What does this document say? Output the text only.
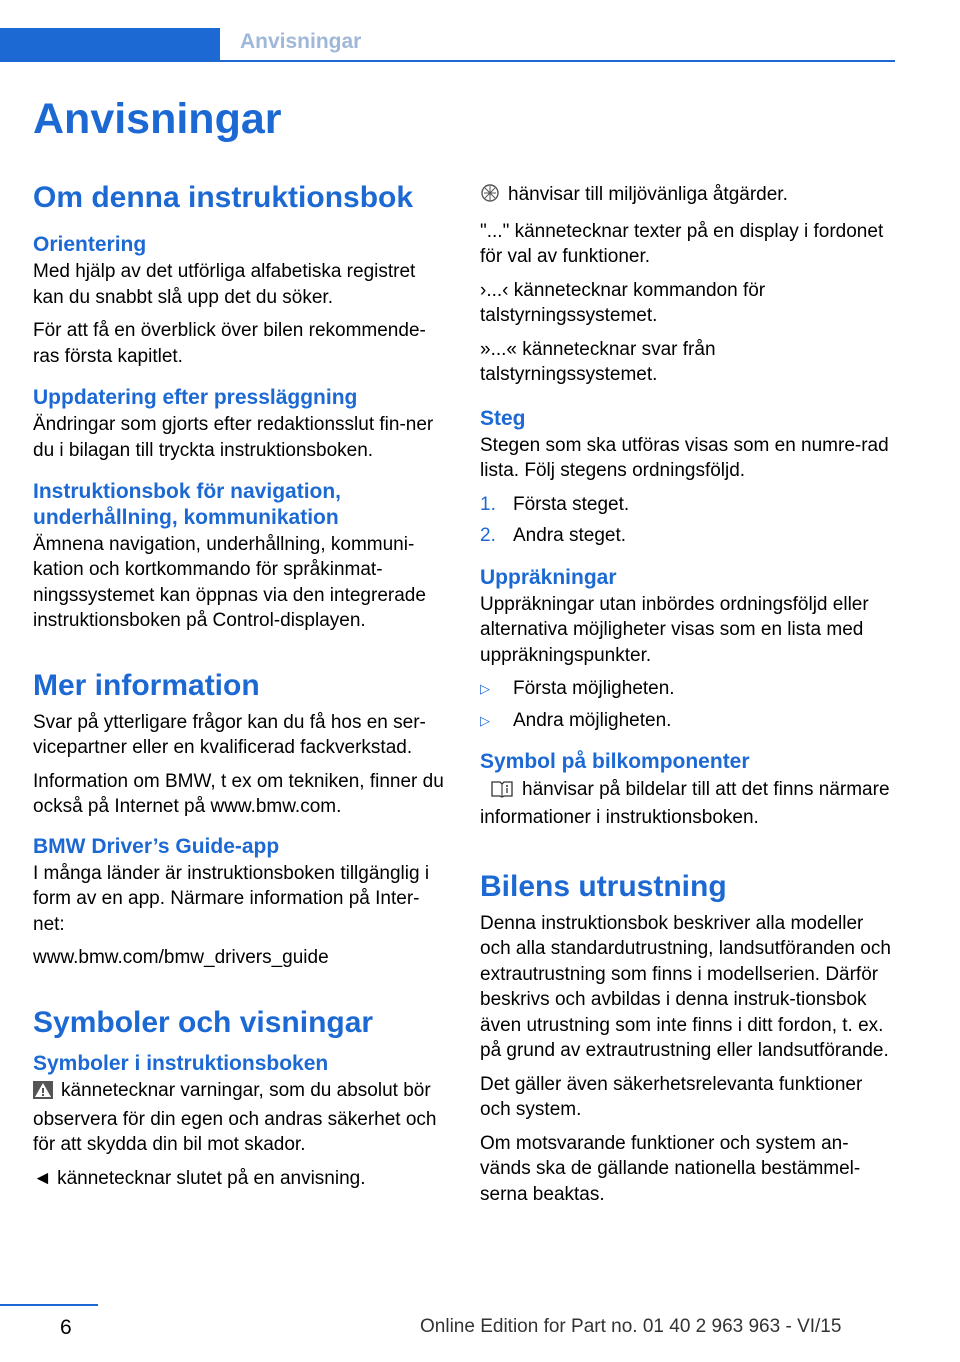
Anvisningar
Anvisningar
Om denna instruktionsbok
Orientering

Med hjälp av det utförliga alfabetiska registret kan du snabbt slå upp det du söker.

För att få en överblick över bilen rekommende‐ras första kapitlet.

Uppdatering efter pressläggning

Ändringar som gjorts efter redaktionsslut fin‐ner du i bilagan till tryckta instruktionsboken.

Instruktionsbok för navigation, underhållning, kommunikation

Ämnena navigation, underhållning, kommuni‐kation och kortkommando för språkinmat‐ningssystemet kan öppnas via den integrerade instruktionsboken på Control-displayen.

Mer information

Svar på ytterligare frågor kan du få hos en ser‐vicepartner eller en kvalificerad fackverkstad.

Information om BMW, t ex om tekniken, finner du också på Internet på www.bmw.com.

BMW Driver’s Guide-app

I många länder är instruktionsboken tillgänglig i form av en app. Närmare information på Inter‐net:

www.bmw.com/bmw_drivers_guide

Symboler och visningar
Symboler i instruktionsboken

kännetecknar varningar, som du absolut bör observera för din egen och andras säkerhet och för att skydda din bil mot skador.

◄ kännetecknar slutet på en anvisning.

hänvisar till miljövänliga åtgärder.

"..." kännetecknar texter på en display i fordonet för val av funktioner.

›...‹ kännetecknar kommandon för talstyrningssystemet.

»...« kännetecknar svar från talstyrningssystemet.

Steg

Stegen som ska utföras visas som en numre‐rad lista. Följ stegens ordningsföljd.

1. Första steget.
2. Andra steget.
Uppräkningar

Uppräkningar utan inbördes ordningsföljd eller alternativa möjligheter visas som en lista med uppräkningspunkter.

▷	Första möjligheten.
▷	Andra möjligheten.
Symbol på bilkomponenter

hänvisar på bildelar till att det finns närmare informationer i instruktionsboken.

Bilens utrustning

Denna instruktionsbok beskriver alla modeller och alla standardutrustning, landsutföranden och extrautrustning som finns i modellserien. Därför beskrivs och avbildas i denna instruk‐tionsbok även utrustning som inte finns i ditt fordon, t. ex. på grund av extrautrustning eller landsutförande.

Det gäller även säkerhetsrelevanta funktioner och system.

Om motsvarande funktioner och system an‐vänds ska de gällande nationella bestämmel‐serna beaktas.

6	Online Edition for Part no. 01 40 2 963 963 - VI/15
